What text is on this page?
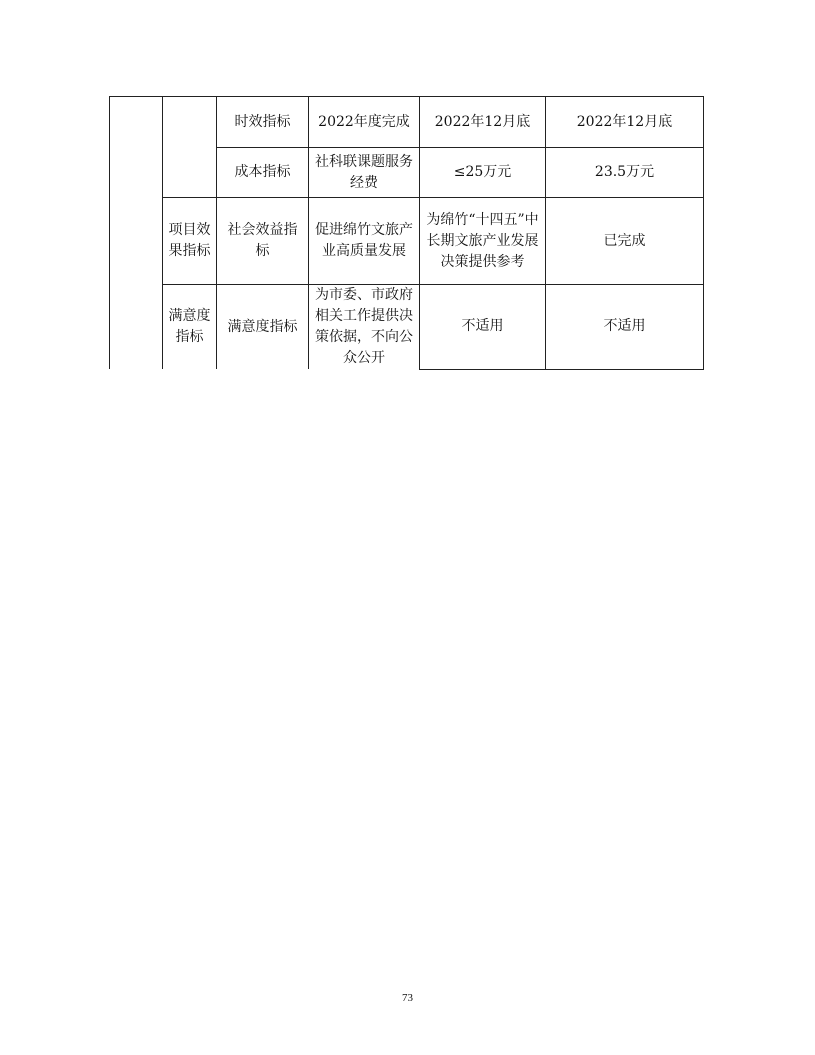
		时效指标	2022年度完成	2022年12月底	2022年12月底
		成本指标	社科联课题服务经费	≤25万元	23.5万元
	项目效果指标	社会效益指标	促进绵竹文旅产业高质量发展	为绵竹“十四五”中长期文旅产业发展决策提供参考	已完成
	满意度指标	满意度指标	为市委、市政府相关工作提供决策依据，不向公众公开	不适用	不适用
73
